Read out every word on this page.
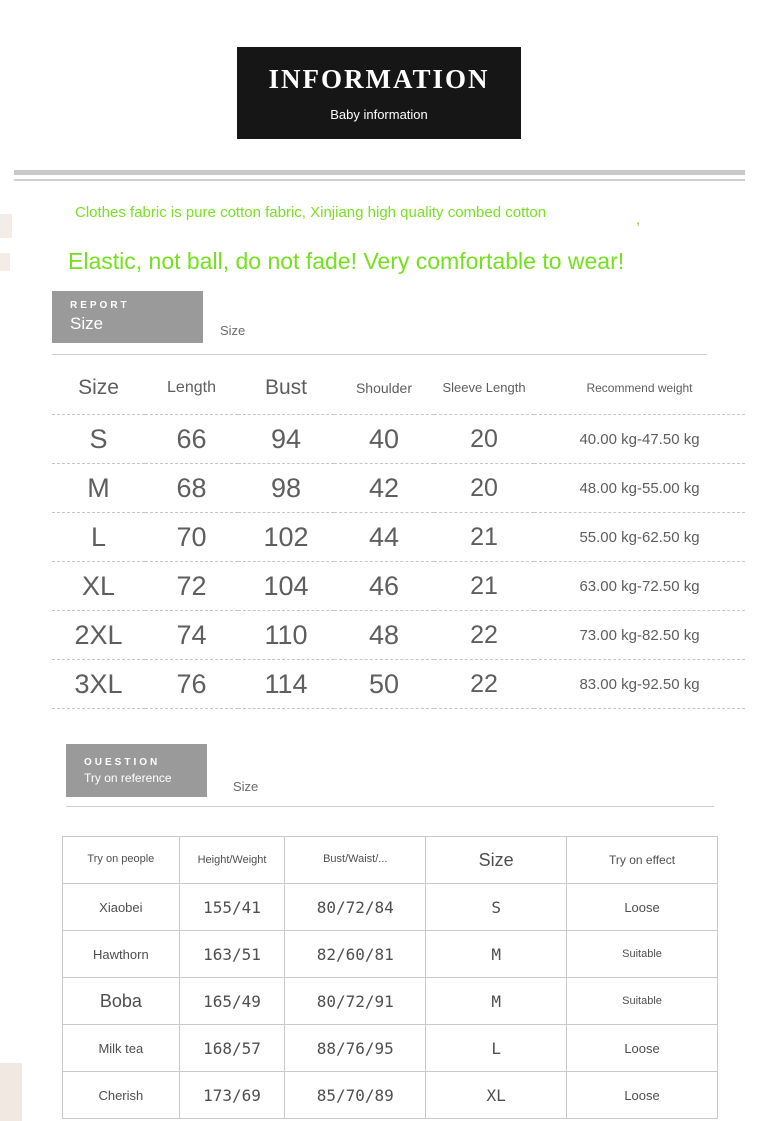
INFORMATION
Baby information
Clothes fabric is pure cotton fabric, Xinjiang high quality combed cotton	,
Elastic, not ball, do not fade! Very comfortable to wear!
REPORT
Size	Size
Size	Length	Bust	Shoulder	Sleeve Length	Recommend weight
S	66	94	40	20	40.00 kg-47.50 kg
M	68	98	42	20	48.00 kg-55.00 kg
L	70	102	44	21	55.00 kg-62.50 kg
XL	72	104	46	21	63.00 kg-72.50 kg
2XL	74	110	48	22	73.00 kg-82.50 kg
3XL	76	114	50	22	83.00 kg-92.50 kg
OUESTION
Try on reference
Size
Try on people	Height/Weight	Bust/Waist/...	Size	Try on effect
Xiaobei	155/41	80/72/84	S	Loose
Hawthorn	163/51	82/60/81	M	Suitable
Boba	165/49	80/72/91	M	Suitable
Milk tea	168/57	88/76/95	L	Loose
Cherish	173/69	85/70/89	XL	Loose
